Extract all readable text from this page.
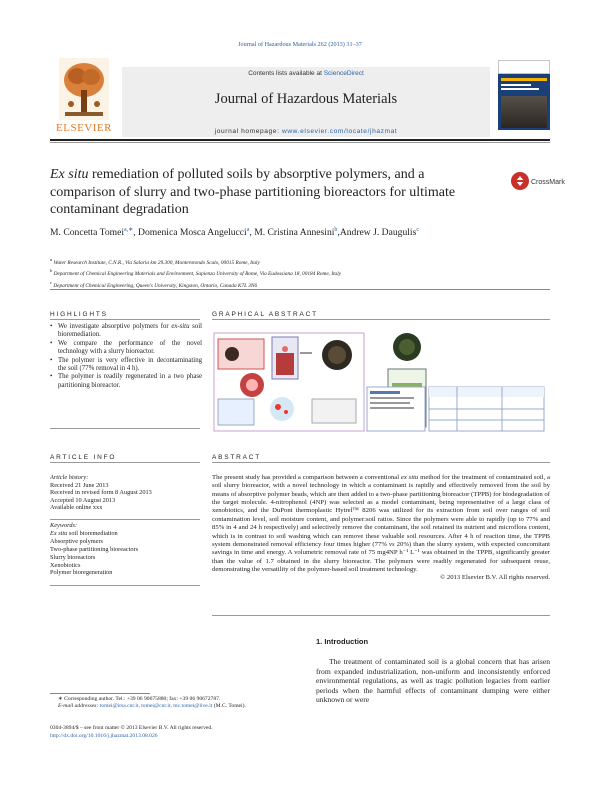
Journal of Hazardous Materials 262 (2013) 31–37
ELSEVIER
Contents lists available at ScienceDirect
Journal of Hazardous Materials
journal homepage: www.elsevier.com/locate/jhazmat
Ex situ remediation of polluted soils by absorptive polymers, and a comparison of slurry and two-phase partitioning bioreactors for ultimate contaminant degradation
CrossMark
M. Concetta Tomei$^{a,∗}$, Domenica Mosca Angelucci$^a$, M. Cristina Annesini$^b$,Andrew J. Daugulis$^c$
$^a$ Water Research Institute, C.N.R., Via Salaria km 29.300, Monterotondo Scalo, 00015 Rome, Italy
$^b$ Department of Chemical Engineering Materials and Environment, Sapienza University of Rome, Via Eudossiana 18, 00184 Rome, Italy
$^c$ Department of Chemical Engineering, Queen's University, Kingston, Ontario, Canada K7L 3N6
HIGHLIGHTS
• We investigate absorptive polymers for ex-situ soil bioremediation.
• We compare the performance of the novel technology with a slurry bioreactor.
• The polymer is very effective in decontaminating the soil (77% removal in 4 h).
• The polymer is readily regenerated in a two phase partitioning bioreactor.
GRAPHICAL ABSTRACT
ARTICLE INFO
Article history:
Received 21 June 2013
Received in revised form 8 August 2013
Accepted 10 August 2013
Available online xxx
Keywords:
Ex situ soil bioremediation
Absorptive polymers
Two-phase partitioning bioreactors
Slurry bioreactors
Xenobiotics
Polymer bioregeneration
ABSTRACT
The present study has provided a comparison between a conventional ex situ method for the treatment of contaminated soil, a soil slurry bioreactor, with a novel technology in which a contaminant is rapidly and effectively removed from the soil by means of absorptive polymer beads, which are then added to a two-phase partitioning bioreactor (TPPB) for biodegradation of the target molecule. 4-nitrophenol (4NP) was selected as a model contaminant, being representative of a large class of xenobiotics, and the DuPont thermoplastic Hytrel™ 8206 was utilized for its extraction from soil over ranges of soil contamination level, soil moisture content, and polymer:soil ratios. Since the polymers were able to rapidly (up to 77% and 85% in 4 and 24 h respectively) and selectively remove the contaminant, the soil retained its nutrient and microflora content, which is in contrast to soil washing which can remove these valuable soil resources. After 4 h of reaction time, the TPPB system demonstrated removal efficiency four times higher (77% vs 20%) than the slurry system, with expected concomitant savings in time and energy. A volumetric removal rate of 75 mg4NP h⁻¹ L⁻¹ was obtained in the TPPB, significantly greater than the value of 1.7 obtained in the slurry bioreactor. The polymers were readily regenerated for subsequent reuse, demonstrating the versatility of the polymer-based soil treatment technology.
© 2013 Elsevier B.V. All rights reserved.
1. Introduction
The treatment of contaminated soil is a global concern that has arisen from expanded industrialization, non-uniform and inconsistently enforced environmental regulations, as well as tragic pollution legacies from earlier periods when the harmful effects of contaminant dumping were either unknown or were
∗ Corresponding author. Tel.: +39 06 90675880; fax: +39 06 90672787.
E-mail addresses: tomei@irsa.cnr.it, tomei@cnr.it, mc.tomei@live.it (M.C. Tomei).
0304-3894/$ – see front matter © 2013 Elsevier B.V. All rights reserved.
http://dx.doi.org/10.1016/j.jhazmat.2013.08.026
